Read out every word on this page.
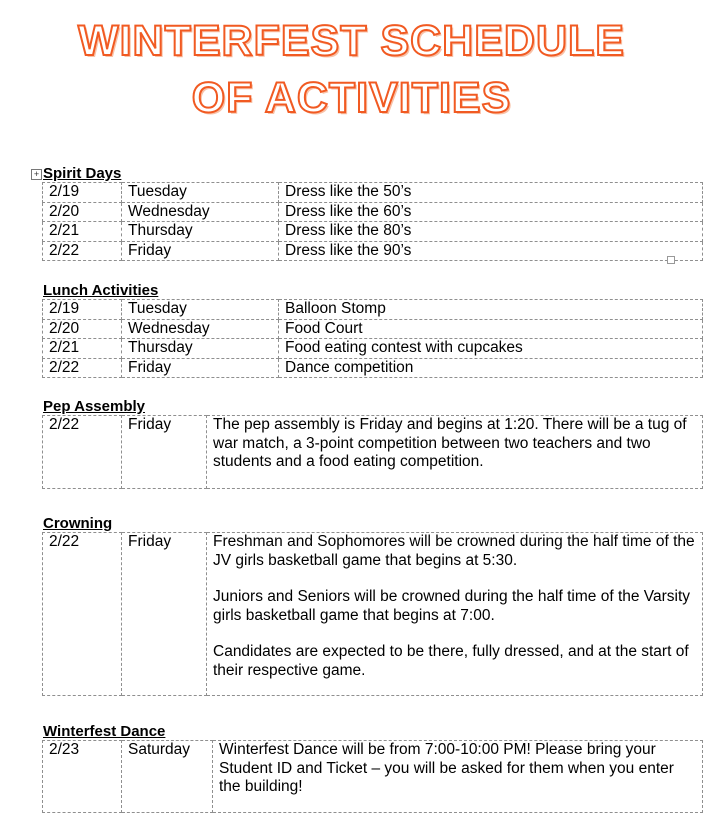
WINTERFEST SCHEDULE
OF ACTIVITIES
+ Spirit Days
2/19	Tuesday	Dress like the 50’s
2/20	Wednesday	Dress like the 60’s
2/21	Thursday	Dress like the 80’s
2/22	Friday	Dress like the 90’s
Lunch Activities
2/19	Tuesday	Balloon Stomp
2/20	Wednesday	Food Court
2/21	Thursday	Food eating contest with cupcakes
2/22	Friday	Dance competition
Pep Assembly
2/22	Friday	The pep assembly is Friday and begins at 1:20. There will be a tug of war match, a 3-point competition between two teachers and two students and a food eating competition.
Crowning
2/22	Friday	Freshman and Sophomores will be crowned during the half time of the JV girls basketball game that begins at 5:30.

Juniors and Seniors will be crowned during the half time of the Varsity girls basketball game that begins at 7:00.

Candidates are expected to be there, fully dressed, and at the start of their respective game.

Winterfest Dance
2/23	Saturday	Winterfest Dance will be from 7:00-10:00 PM! Please bring your Student ID and Ticket – you will be asked for them when you enter the building!
